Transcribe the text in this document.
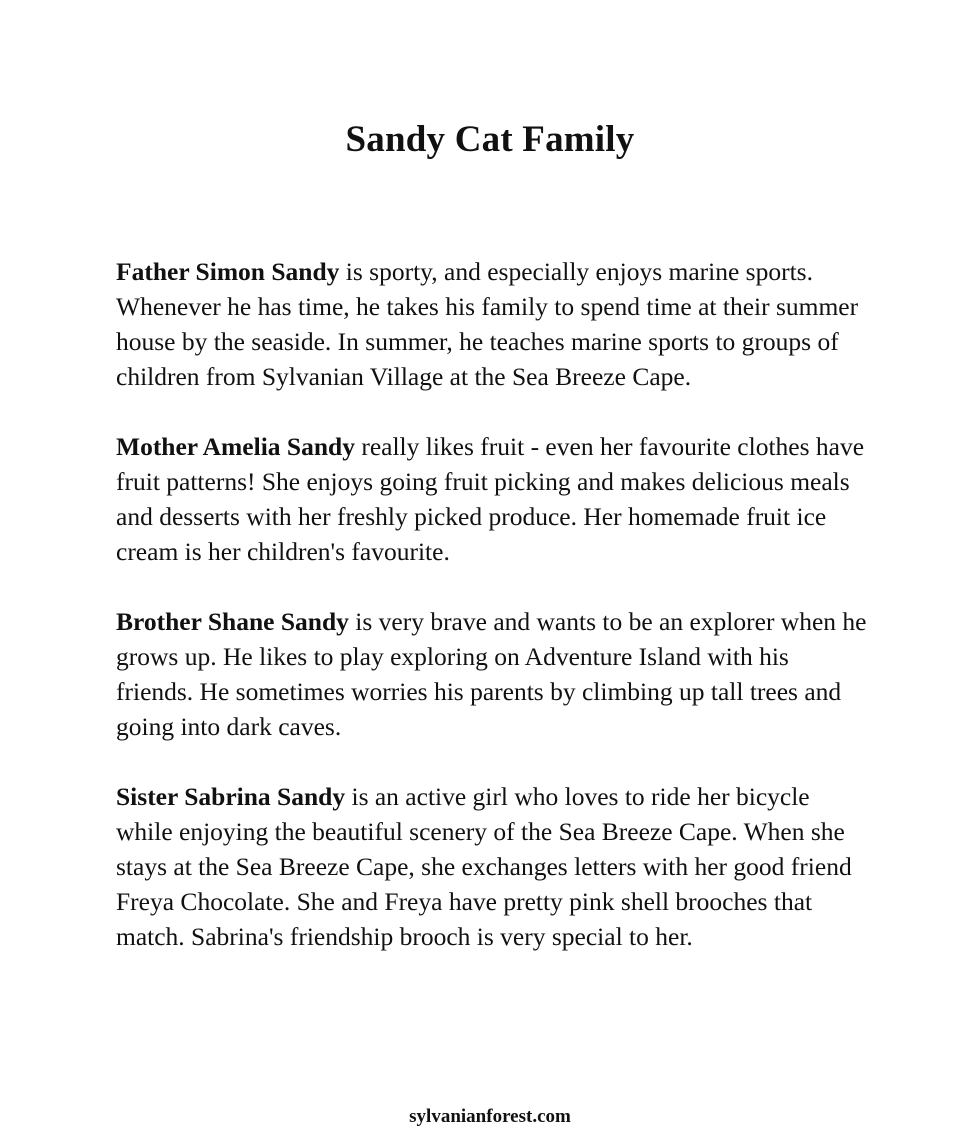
Sandy Cat Family

Father Simon Sandy is sporty, and especially enjoys marine sports. Whenever he has time, he takes his family to spend time at their summer house by the seaside. In summer, he teaches marine sports to groups of children from Sylvanian Village at the Sea Breeze Cape.

Mother Amelia Sandy really likes fruit - even her favourite clothes have fruit patterns! She enjoys going fruit picking and makes delicious meals and desserts with her freshly picked produce. Her homemade fruit ice cream is her children's favourite.

Brother Shane Sandy is very brave and wants to be an explorer when he grows up. He likes to play exploring on Adventure Island with his friends. He sometimes worries his parents by climbing up tall trees and going into dark caves.

Sister Sabrina Sandy is an active girl who loves to ride her bicycle while enjoying the beautiful scenery of the Sea Breeze Cape. When she stays at the Sea Breeze Cape, she exchanges letters with her good friend Freya Chocolate. She and Freya have pretty pink shell brooches that match. Sabrina's friendship brooch is very special to her.

sylvanianforest.com
